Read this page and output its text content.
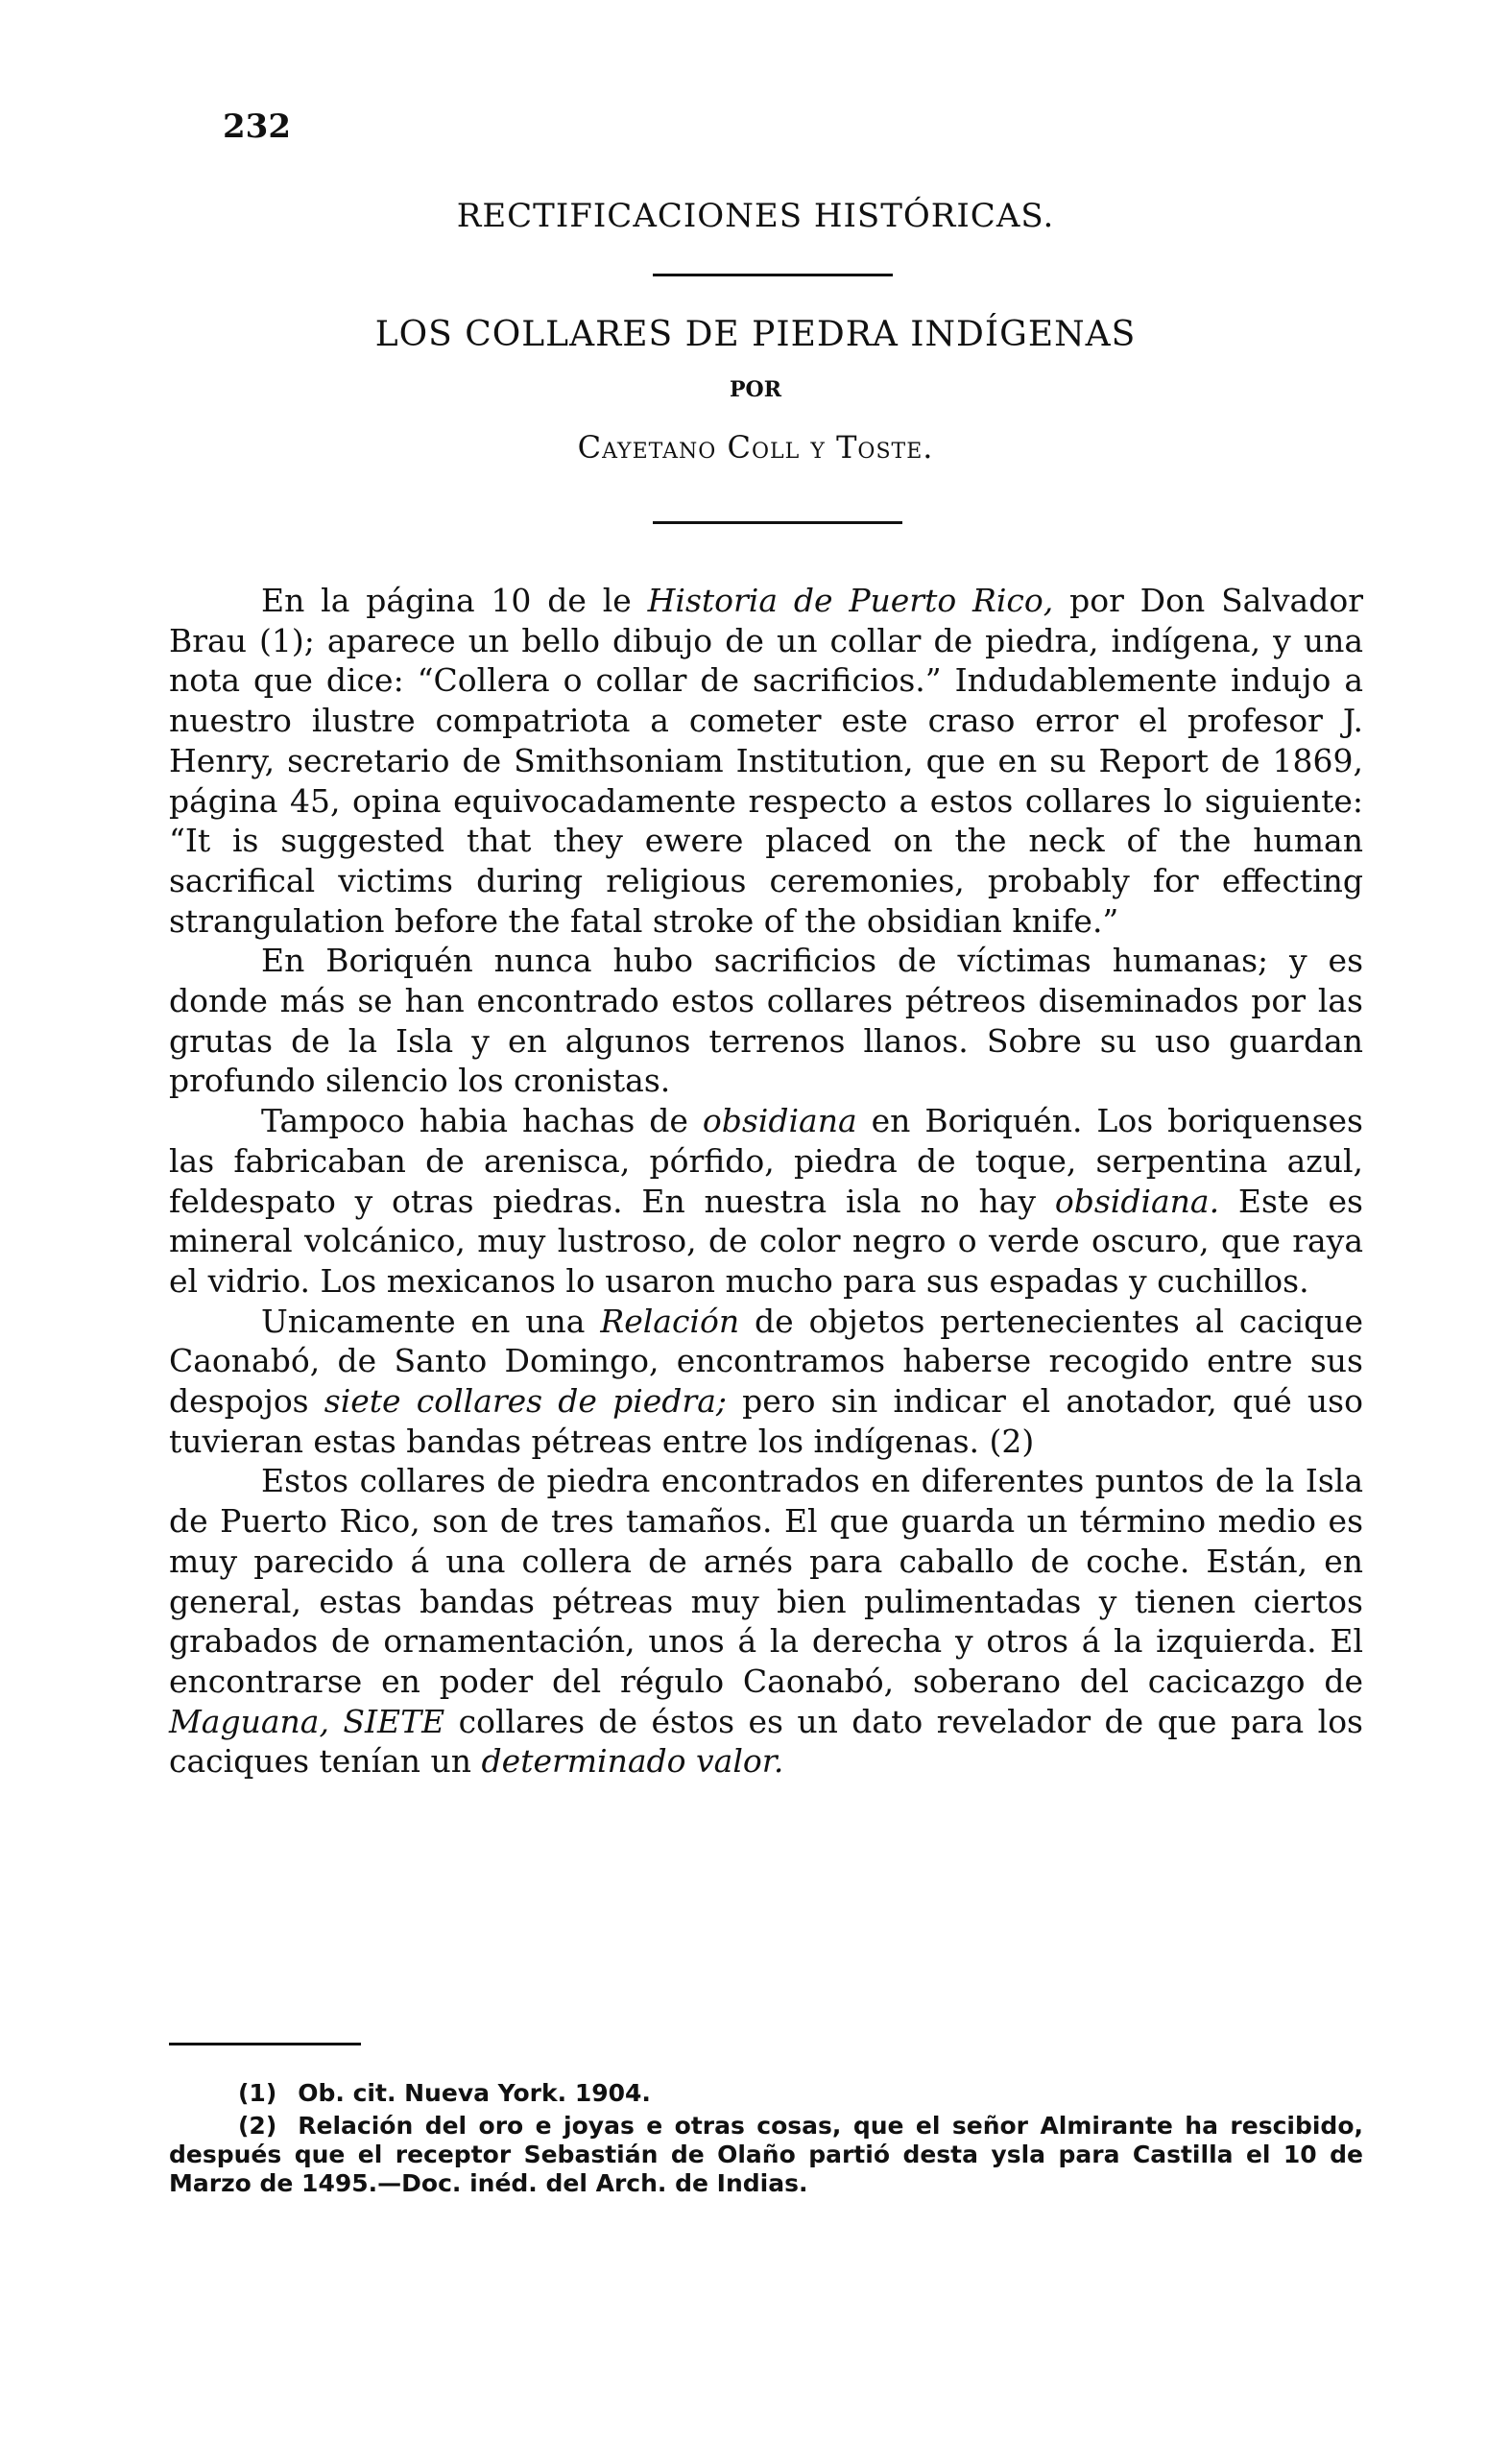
232
RECTIFICACIONES HISTÓRICAS.
LOS COLLARES DE PIEDRA INDÍGENAS
POR
Cayetano Coll y Toste.

En la página 10 de le Historia de Puerto Rico, por Don Salvador Brau (1); aparece un bello dibujo de un collar de piedra, indígena, y una nota que dice: “Collera o collar de sacrificios.” Indudablemente indujo a nuestro ilustre compatriota a cometer este craso error el profesor J. Henry, secretario de Smithsoniam Institution, que en su Report de 1869, página 45, opina equivocadamente respecto a estos collares lo siguiente: “It is suggested that they ewere placed on the neck of the human sacrifical victims during religious ceremonies, probably for effecting strangulation before the fatal stroke of the obsidian knife.”

En Boriquén nunca hubo sacrificios de víctimas humanas; y es donde más se han encontrado estos collares pétreos diseminados por las grutas de la Isla y en algunos terrenos llanos. Sobre su uso guardan profundo silencio los cronistas.

Tampoco habia hachas de obsidiana en Boriquén. Los boriquenses las fabricaban de arenisca, pórfido, piedra de toque, serpentina azul, feldespato y otras piedras. En nuestra isla no hay obsidiana. Este es mineral volcánico, muy lustroso, de color negro o verde oscuro, que raya el vidrio. Los mexicanos lo usaron mucho para sus espadas y cuchillos.

Unicamente en una Relación de objetos pertenecientes al cacique Caonabó, de Santo Domingo, encontramos haberse recogido entre sus despojos siete collares de piedra; pero sin indicar el anotador, qué uso tuvieran estas bandas pétreas entre los indígenas. (2)

Estos collares de piedra encontrados en diferentes puntos de la Isla de Puerto Rico, son de tres tamaños. El que guarda un término medio es muy parecido á una collera de arnés para caballo de coche. Están, en general, estas bandas pétreas muy bien pulimentadas y tienen ciertos grabados de ornamentación, unos á la derecha y otros á la izquierda. El encontrarse en poder del régulo Caonabó, soberano del cacicazgo de Maguana, SIETE collares de éstos es un dato revelador de que para los caciques tenían un determinado valor.

(1) Ob. cit. Nueva York. 1904.

(2) Relación del oro e joyas e otras cosas, que el señor Almirante ha rescibido, después que el receptor Sebastián de Olaño partió desta ysla para Castilla el 10 de Marzo de 1495.—Doc. inéd. del Arch. de Indias.
